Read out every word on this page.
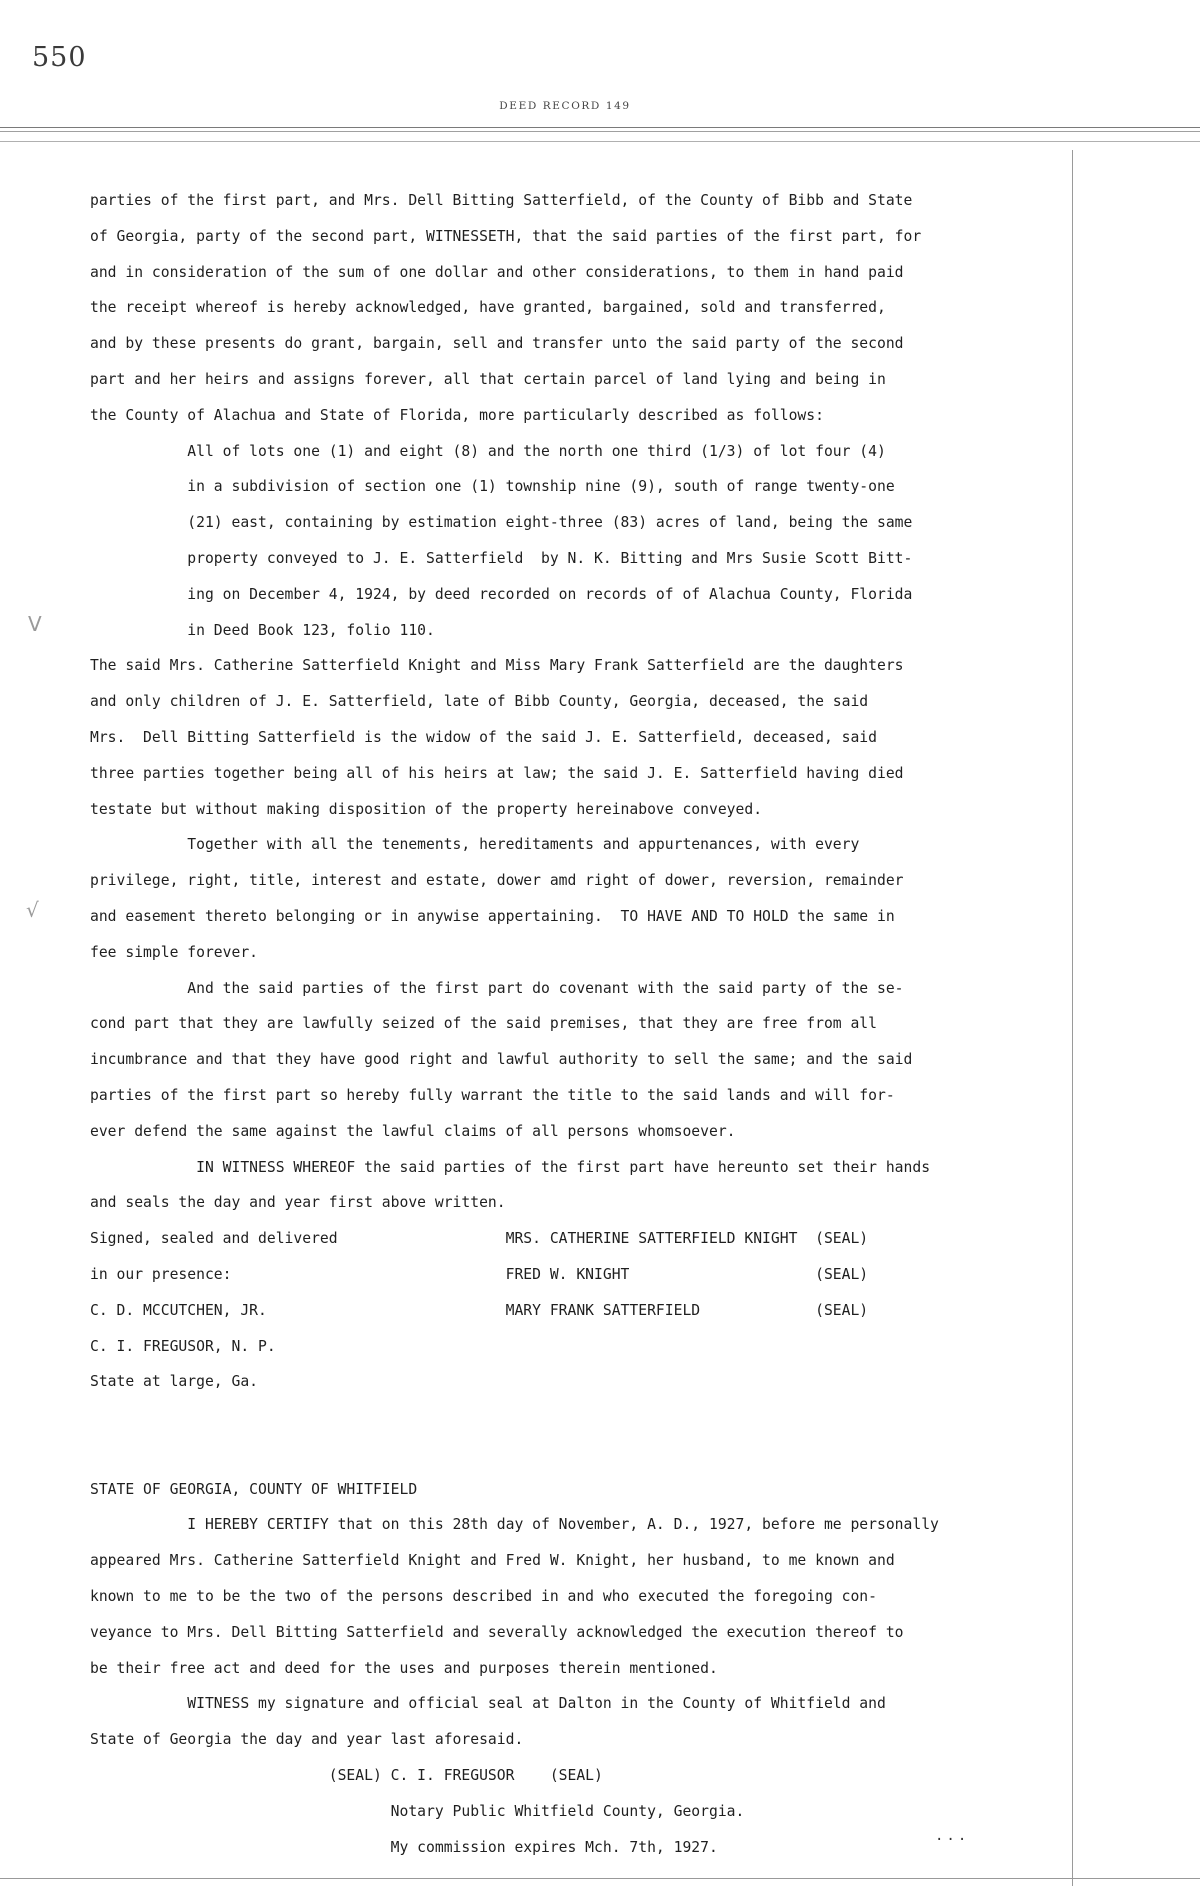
550
DEED RECORD 149
V
√
parties of the first part, and Mrs. Dell Bitting Satterfield, of the County of Bibb and State
of Georgia, party of the second part, WITNESSETH, that the said parties of the first part, for
and in consideration of the sum of one dollar and other considerations, to them in hand paid
the receipt whereof is hereby acknowledged, have granted, bargained, sold and transferred,
and by these presents do grant, bargain, sell and transfer unto the said party of the second
part and her heirs and assigns forever, all that certain parcel of land lying and being in
the County of Alachua and State of Florida, more particularly described as follows:
All of lots one (1) and eight (8) and the north one third (1/3) of lot four (4)
in a subdivision of section one (1) township nine (9), south of range twenty-one
(21) east, containing by estimation eight-three (83) acres of land, being the same
property conveyed to J. E. Satterfield  by N. K. Bitting and Mrs Susie Scott Bitt-
ing on December 4, 1924, by deed recorded on records of of Alachua County, Florida
in Deed Book 123, folio 110.
The said Mrs. Catherine Satterfield Knight and Miss Mary Frank Satterfield are the daughters
and only children of J. E. Satterfield, late of Bibb County, Georgia, deceased, the said
Mrs.  Dell Bitting Satterfield is the widow of the said J. E. Satterfield, deceased, said
three parties together being all of his heirs at law; the said J. E. Satterfield having died
testate but without making disposition of the property hereinabove conveyed.
Together with all the tenements, hereditaments and appurtenances, with every
privilege, right, title, interest and estate, dower amd right of dower, reversion, remainder
and easement thereto belonging or in anywise appertaining.  TO HAVE AND TO HOLD the same in
fee simple forever.
And the said parties of the first part do covenant with the said party of the se-
cond part that they are lawfully seized of the said premises, that they are free from all
incumbrance and that they have good right and lawful authority to sell the same; and the said
parties of the first part so hereby fully warrant the title to the said lands and will for-
ever defend the same against the lawful claims of all persons whomsoever.
IN WITNESS WHEREOF the said parties of the first part have hereunto set their hands
and seals the day and year first above written.
Signed, sealed and delivered                   MRS. CATHERINE SATTERFIELD KNIGHT  (SEAL)
in our presence:                               FRED W. KNIGHT                     (SEAL)
C. D. MCCUTCHEN, JR.                           MARY FRANK SATTERFIELD             (SEAL)
C. I. FREGUSOR, N. P.
State at large, Ga.
STATE OF GEORGIA, COUNTY OF WHITFIELD
I HEREBY CERTIFY that on this 28th day of November, A. D., 1927, before me personally
appeared Mrs. Catherine Satterfield Knight and Fred W. Knight, her husband, to me known and
known to me to be the two of the persons described in and who executed the foregoing con-
veyance to Mrs. Dell Bitting Satterfield and severally acknowledged the execution thereof to
be their free act and deed for the uses and purposes therein mentioned.
WITNESS my signature and official seal at Dalton in the County of Whitfield and
State of Georgia the day and year last aforesaid.
(SEAL) C. I. FREGUSOR    (SEAL)
Notary Public Whitfield County, Georgia.
My commission expires Mch. 7th, 1927.
...
